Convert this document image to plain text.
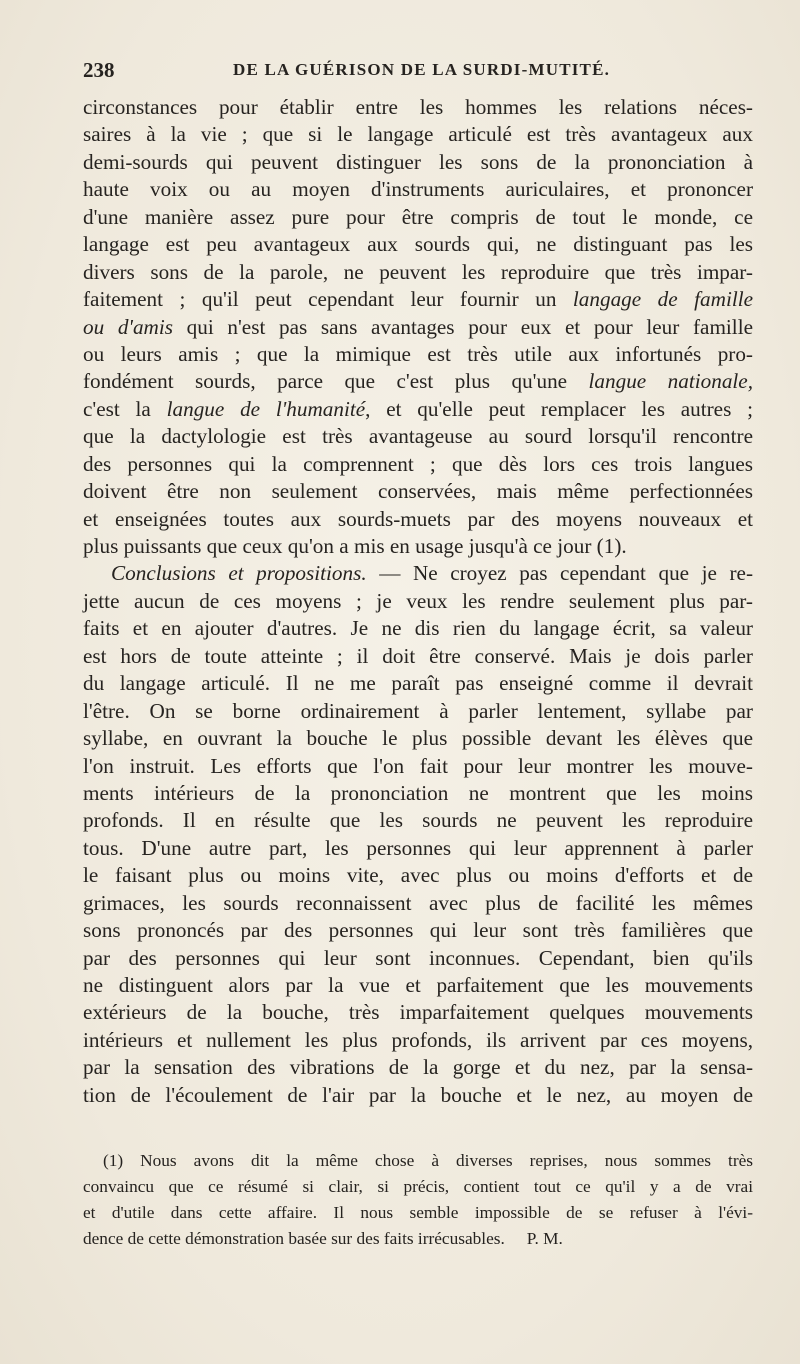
238	DE LA GUÉRISON DE LA SURDI-MUTITÉ.
circonstances pour établir entre les hommes les relations néces-
saires à la vie ; que si le langage articulé est très avantageux aux
demi-sourds qui peuvent distinguer les sons de la prononciation à
haute voix ou au moyen d'instruments auriculaires, et prononcer
d'une manière assez pure pour être compris de tout le monde, ce
langage est peu avantageux aux sourds qui, ne distinguant pas les
divers sons de la parole, ne peuvent les reproduire que très impar-
faitement ; qu'il peut cependant leur fournir un langage de famille
ou d'amis qui n'est pas sans avantages pour eux et pour leur famille
ou leurs amis ; que la mimique est très utile aux infortunés pro-
fondément sourds, parce que c'est plus qu'une langue nationale,
c'est la langue de l'humanité, et qu'elle peut remplacer les autres ;
que la dactylologie est très avantageuse au sourd lorsqu'il rencontre
des personnes qui la comprennent ; que dès lors ces trois langues
doivent être non seulement conservées, mais même perfectionnées
et enseignées toutes aux sourds-muets par des moyens nouveaux et
plus puissants que ceux qu'on a mis en usage jusqu'à ce jour (1).
Conclusions et propositions. — Ne croyez pas cependant que je re-
jette aucun de ces moyens ; je veux les rendre seulement plus par-
faits et en ajouter d'autres. Je ne dis rien du langage écrit, sa valeur
est hors de toute atteinte ; il doit être conservé. Mais je dois parler
du langage articulé. Il ne me paraît pas enseigné comme il devrait
l'être. On se borne ordinairement à parler lentement, syllabe par
syllabe, en ouvrant la bouche le plus possible devant les élèves que
l'on instruit. Les efforts que l'on fait pour leur montrer les mouve-
ments intérieurs de la prononciation ne montrent que les moins
profonds. Il en résulte que les sourds ne peuvent les reproduire
tous. D'une autre part, les personnes qui leur apprennent à parler
le faisant plus ou moins vite, avec plus ou moins d'efforts et de
grimaces, les sourds reconnaissent avec plus de facilité les mêmes
sons prononcés par des personnes qui leur sont très familières que
par des personnes qui leur sont inconnues. Cependant, bien qu'ils
ne distinguent alors par la vue et parfaitement que les mouvements
extérieurs de la bouche, très imparfaitement quelques mouvements
intérieurs et nullement les plus profonds, ils arrivent par ces moyens,
par la sensation des vibrations de la gorge et du nez, par la sensa-
tion de l'écoulement de l'air par la bouche et le nez, au moyen de
(1) Nous avons dit la même chose à diverses reprises, nous sommes très
convaincu que ce résumé si clair, si précis, contient tout ce qu'il y a de vrai
et d'utile dans cette affaire. Il nous semble impossible de se refuser à l'évi-
dence de cette démonstration basée sur des faits irrécusables. P. M.
